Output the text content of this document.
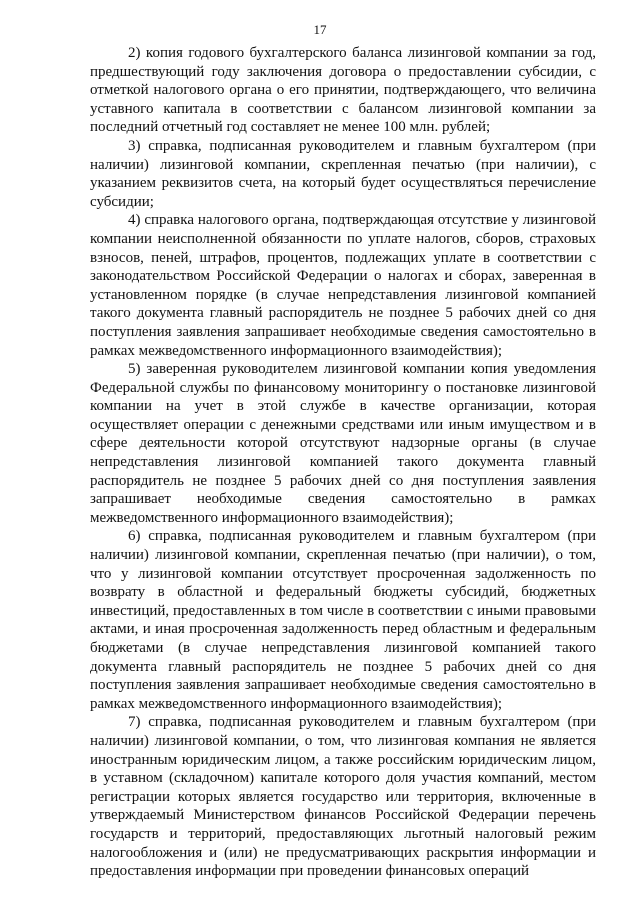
17

2) копия годового бухгалтерского баланса лизинговой компании за год, предшествующий году заключения договора о предоставлении субсидии, с отметкой налогового органа о его принятии, подтверждающего, что величина уставного капитала в соответствии с балансом лизинговой компании за последний отчетный год составляет не менее 100 млн. рублей;

3) справка, подписанная руководителем и главным бухгалтером (при наличии) лизинговой компании, скрепленная печатью (при наличии), с указанием реквизитов счета, на который будет осуществляться перечисление субсидии;

4) справка налогового органа, подтверждающая отсутствие у лизинговой компании неисполненной обязанности по уплате налогов, сборов, страховых взносов, пеней, штрафов, процентов, подлежащих уплате в соответствии с законодательством Российской Федерации о налогах и сборах, заверенная в установленном порядке (в случае непредставления лизинговой компанией такого документа главный распорядитель не позднее 5 рабочих дней со дня поступления заявления запрашивает необходимые сведения самостоятельно в рамках межведомственного информационного взаимодействия);

5) заверенная руководителем лизинговой компании копия уведомления Федеральной службы по финансовому мониторингу о постановке лизинговой компании на учет в этой службе в качестве организации, которая осуществляет операции с денежными средствами или иным имуществом и в сфере деятельности которой отсутствуют надзорные органы (в случае непредставления лизинговой компанией такого документа главный распорядитель не позднее 5 рабочих дней со дня поступления заявления запрашивает необходимые сведения самостоятельно в рамках межведомственного информационного взаимодействия);

6) справка, подписанная руководителем и главным бухгалтером (при наличии) лизинговой компании, скрепленная печатью (при наличии), о том, что у лизинговой компании отсутствует просроченная задолженность по возврату в областной и федеральный бюджеты субсидий, бюджетных инвестиций, предоставленных в том числе в соответствии с иными правовыми актами, и иная просроченная задолженность перед областным и федеральным бюджетами (в случае непредставления лизинговой компанией такого документа главный распорядитель не позднее 5 рабочих дней со дня поступления заявления запрашивает необходимые сведения самостоятельно в рамках межведомственного информационного взаимодействия);

7) справка, подписанная руководителем и главным бухгалтером (при наличии) лизинговой компании, о том, что лизинговая компания не является иностранным юридическим лицом, а также российским юридическим лицом, в уставном (складочном) капитале которого доля участия компаний, местом регистрации которых является государство или территория, включенные в утверждаемый Министерством финансов Российской Федерации перечень государств и территорий, предоставляющих льготный налоговый режим налогообложения и (или) не предусматривающих раскрытия информации и предоставления информации при проведении финансовых операций
